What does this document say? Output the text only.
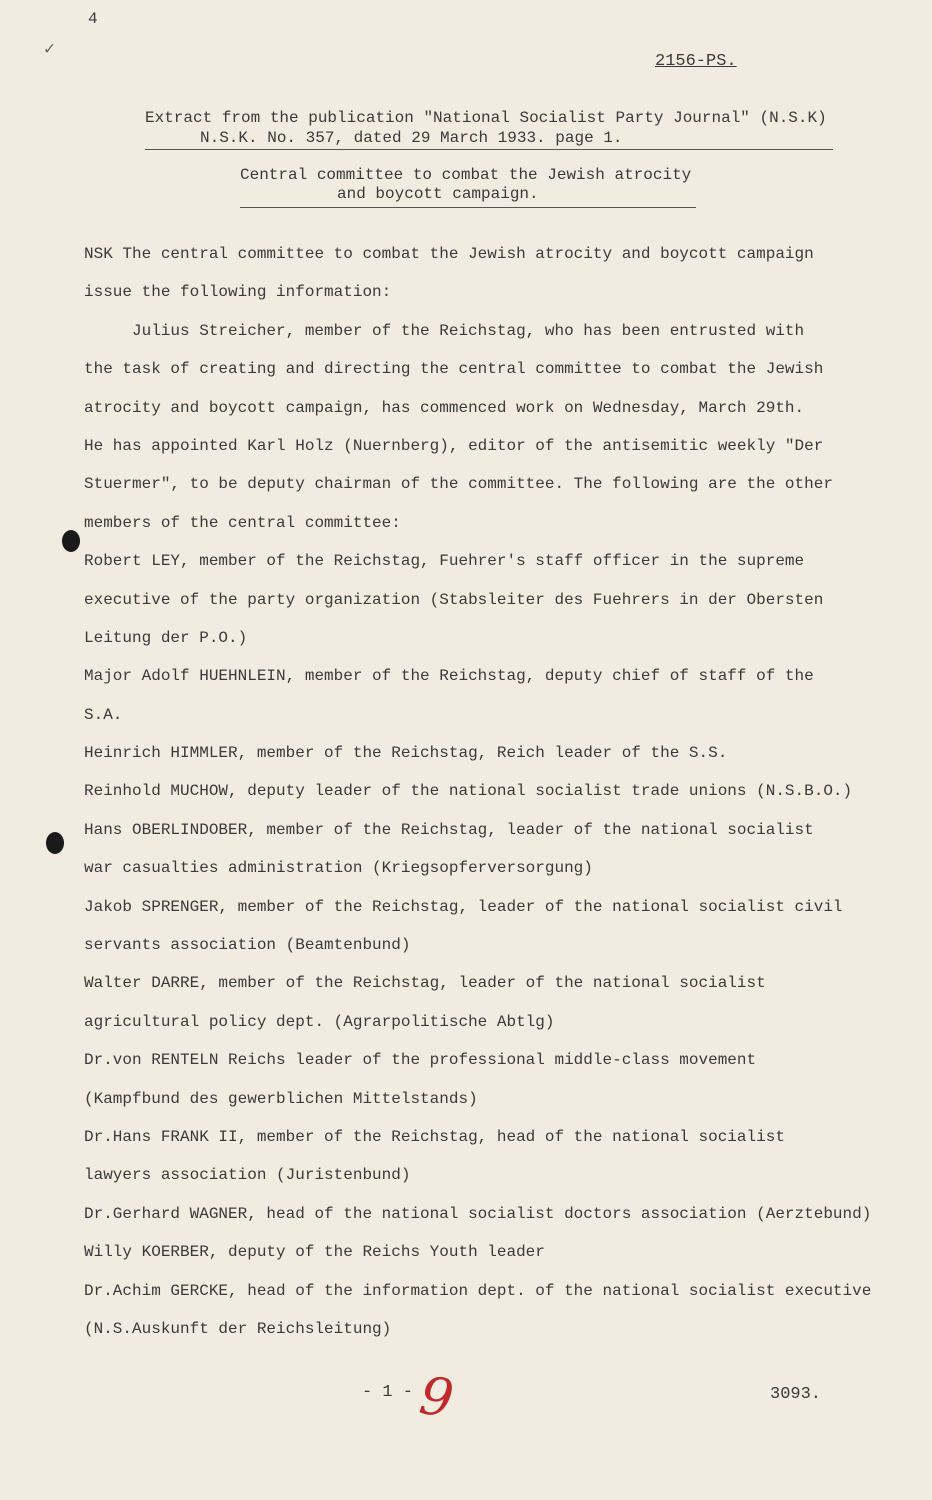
4
✓
2156-PS.
Extract from the publication "National Socialist Party Journal" (N.S.K)
N.S.K. No. 357, dated 29 March 1933. page 1.
Central committee to combat the Jewish atrocity
and boycott campaign.
NSK The central committee to combat the Jewish atrocity and boycott campaign
issue the following information:
Julius Streicher, member of the Reichstag, who has been entrusted with
the task of creating and directing the central committee to combat the Jewish
atrocity and boycott campaign, has commenced work on Wednesday, March 29th.
He has appointed Karl Holz (Nuernberg), editor of the antisemitic weekly "Der
Stuermer", to be deputy chairman of the committee. The following are the other
members of the central committee:
Robert LEY, member of the Reichstag, Fuehrer's staff officer in the supreme
executive of the party organization (Stabsleiter des Fuehrers in der Obersten
Leitung der P.O.)
Major Adolf HUEHNLEIN, member of the Reichstag, deputy chief of staff of the
S.A.
Heinrich HIMMLER, member of the Reichstag, Reich leader of the S.S.
Reinhold MUCHOW, deputy leader of the national socialist trade unions (N.S.B.O.)
Hans OBERLINDOBER, member of the Reichstag, leader of the national socialist
war casualties administration (Kriegsopferversorgung)
Jakob SPRENGER, member of the Reichstag, leader of the national socialist civil
servants association (Beamtenbund)
Walter DARRE, member of the Reichstag, leader of the national socialist
agricultural policy dept. (Agrarpolitische Abtlg)
Dr.von RENTELN Reichs leader of the professional middle-class movement
(Kampfbund des gewerblichen Mittelstands)
Dr.Hans FRANK II, member of the Reichstag, head of the national socialist
lawyers association (Juristenbund)
Dr.Gerhard WAGNER, head of the national socialist doctors association (Aerztebund)
Willy KOERBER, deputy of the Reichs Youth leader
Dr.Achim GERCKE, head of the information dept. of the national socialist executive
(N.S.Auskunft der Reichsleitung)
- 1 - 9	3093.
